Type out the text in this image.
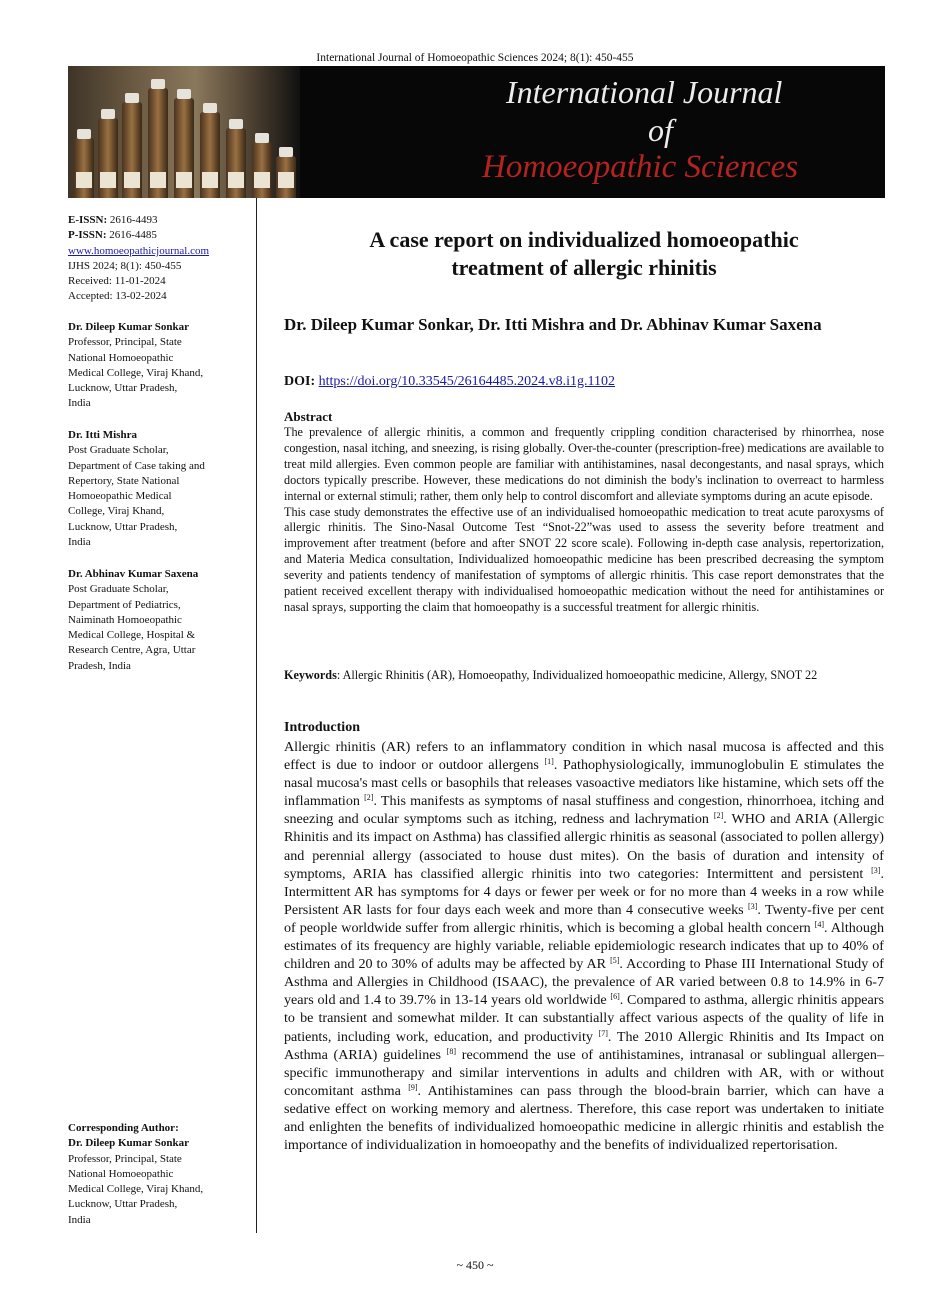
International Journal of Homoeopathic Sciences 2024; 8(1): 450-455
International Journal
of
Homoeopathic Sciences
E-ISSN: 2616-4493
P-ISSN: 2616-4485
www.homoeopathicjournal.com
IJHS 2024; 8(1): 450-455
Received: 11-01-2024
Accepted: 13-02-2024
Dr. Dileep Kumar Sonkar
Professor, Principal, State
National Homoeopathic
Medical College, Viraj Khand,
Lucknow, Uttar Pradesh,
India
Dr. Itti Mishra
Post Graduate Scholar,
Department of Case taking and
Repertory, State National
Homoeopathic Medical
College, Viraj Khand,
Lucknow, Uttar Pradesh,
India
Dr. Abhinav Kumar Saxena
Post Graduate Scholar,
Department of Pediatrics,
Naiminath Homoeopathic
Medical College, Hospital &
Research Centre, Agra, Uttar
Pradesh, India
Corresponding Author:
Dr. Dileep Kumar Sonkar
Professor, Principal, State
National Homoeopathic
Medical College, Viraj Khand,
Lucknow, Uttar Pradesh,
India
A case report on individualized homoeopathic
treatment of allergic rhinitis
Dr. Dileep Kumar Sonkar, Dr. Itti Mishra and Dr. Abhinav Kumar Saxena
DOI: https://doi.org/10.33545/26164485.2024.v8.i1g.1102
Abstract

The prevalence of allergic rhinitis, a common and frequently crippling condition characterised by rhinorrhea, nose congestion, nasal itching, and sneezing, is rising globally. Over-the-counter (prescription-free) medications are available to treat mild allergies. Even common people are familiar with antihistamines, nasal decongestants, and nasal sprays, which doctors typically prescribe. However, these medications do not diminish the body's inclination to overreact to harmless internal or external stimuli; rather, them only help to control discomfort and alleviate symptoms during an acute episode.

This case study demonstrates the effective use of an individualised homoeopathic medication to treat acute paroxysms of allergic rhinitis. The Sino-Nasal Outcome Test “Snot-22”was used to assess the severity before treatment and improvement after treatment (before and after SNOT 22 score scale). Following in-depth case analysis, repertorization, and Materia Medica consultation, Individualized homoeopathic medicine has been prescribed decreasing the symptom severity and patients tendency of manifestation of symptoms of allergic rhinitis. This case report demonstrates that the patient received excellent therapy with individualised homoeopathic medication without the need for antihistamines or nasal sprays, supporting the claim that homoeopathy is a successful treatment for allergic rhinitis.

Keywords: Allergic Rhinitis (AR), Homoeopathy, Individualized homoeopathic medicine, Allergy, SNOT 22
Introduction
Allergic rhinitis (AR) refers to an inflammatory condition in which nasal mucosa is affected and this effect is due to indoor or outdoor allergens [1]. Pathophysiologically, immunoglobulin E stimulates the nasal mucosa's mast cells or basophils that releases vasoactive mediators like histamine, which sets off the inflammation [2]. This manifests as symptoms of nasal stuffiness and congestion, rhinorrhoea, itching and sneezing and ocular symptoms such as itching, redness and lachrymation [2]. WHO and ARIA (Allergic Rhinitis and its impact on Asthma) has classified allergic rhinitis as seasonal (associated to pollen allergy) and perennial allergy (associated to house dust mites). On the basis of duration and intensity of symptoms, ARIA has classified allergic rhinitis into two categories: Intermittent and persistent [3]. Intermittent AR has symptoms for 4 days or fewer per week or for no more than 4 weeks in a row while Persistent AR lasts for four days each week and more than 4 consecutive weeks [3]. Twenty-five per cent of people worldwide suffer from allergic rhinitis, which is becoming a global health concern [4]. Although estimates of its frequency are highly variable, reliable epidemiologic research indicates that up to 40% of children and 20 to 30% of adults may be affected by AR [5]. According to Phase III International Study of Asthma and Allergies in Childhood (ISAAC), the prevalence of AR varied between 0.8 to 14.9% in 6-7 years old and 1.4 to 39.7% in 13-14 years old worldwide [6]. Compared to asthma, allergic rhinitis appears to be transient and somewhat milder. It can substantially affect various aspects of the quality of life in patients, including work, education, and productivity [7]. The 2010 Allergic Rhinitis and Its Impact on Asthma (ARIA) guidelines [8] recommend the use of antihistamines, intranasal or sublingual allergen–specific immunotherapy and similar interventions in adults and children with AR, with or without concomitant asthma [9]. Antihistamines can pass through the blood-brain barrier, which can have a sedative effect on working memory and alertness. Therefore, this case report was undertaken to initiate and enlighten the benefits of individualized homoeopathic medicine in allergic rhinitis and establish the importance of individualization in homoeopathy and the benefits of individualized repertorisation.
~ 450 ~
